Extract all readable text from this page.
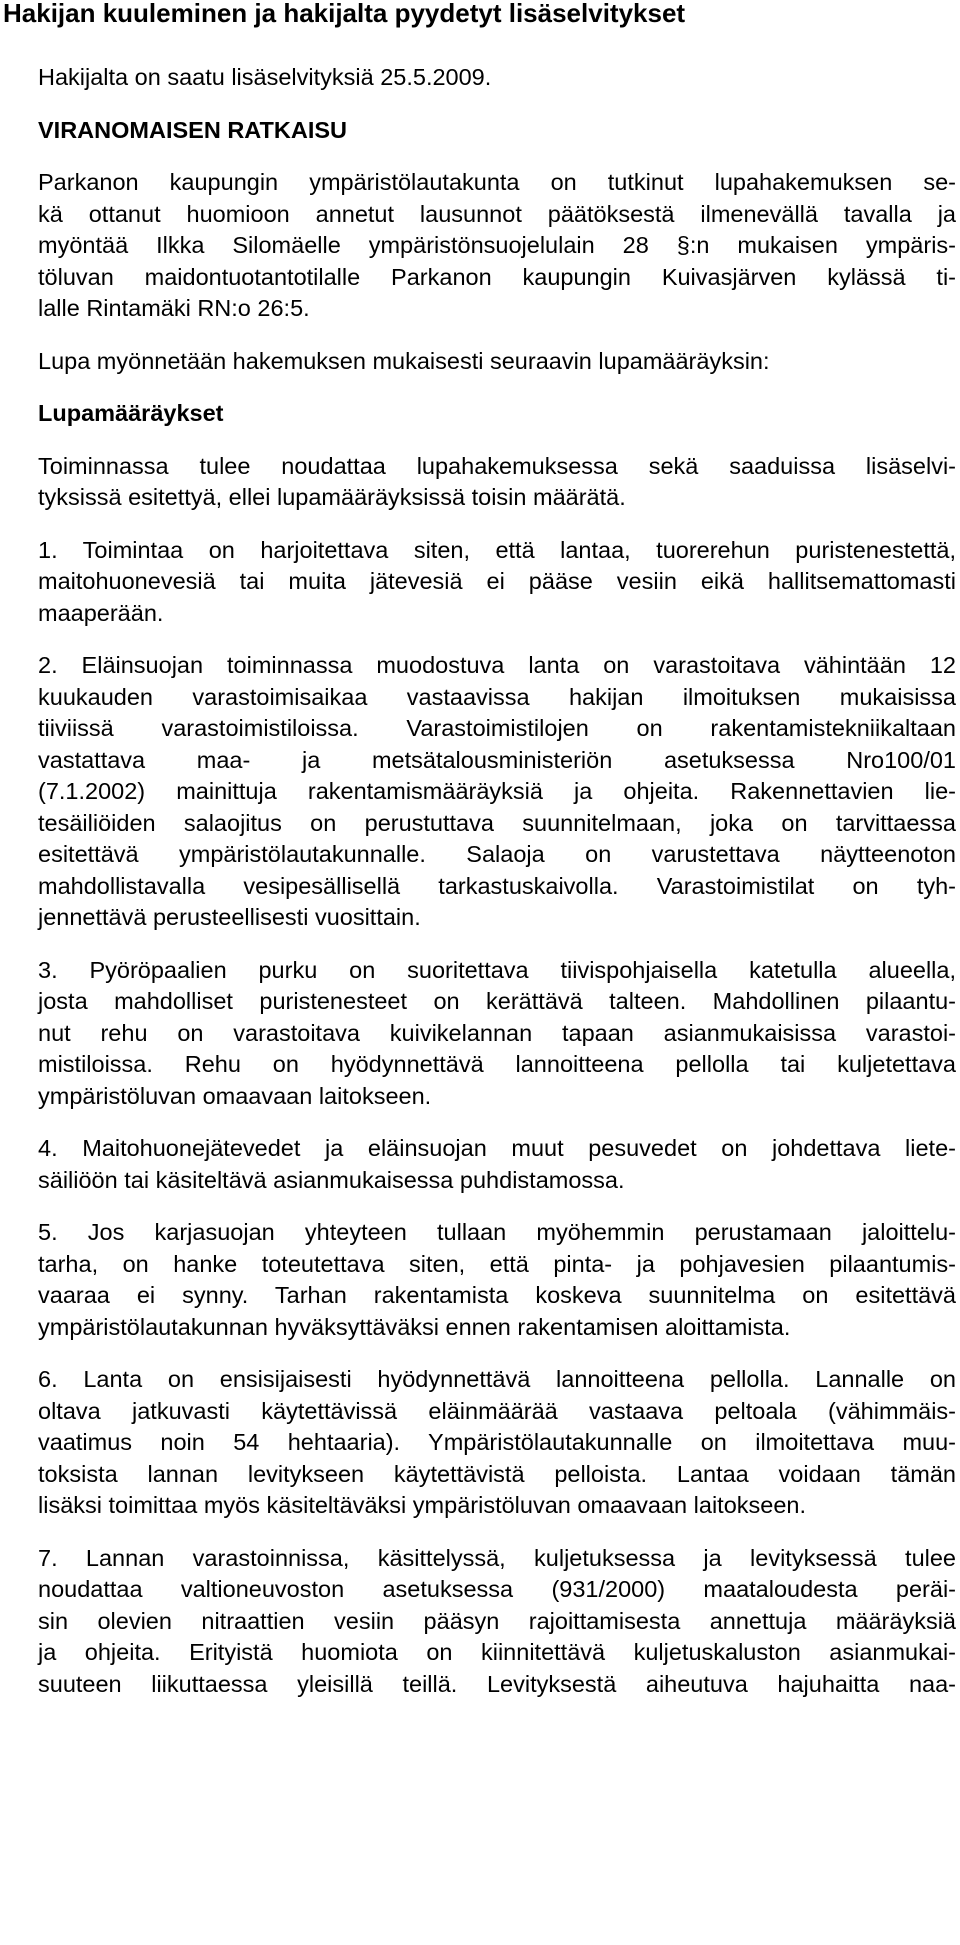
Hakijan kuuleminen ja hakijalta pyydetyt lisäselvitykset

Hakijalta on saatu lisäselvityksiä 25.5.2009.

VIRANOMAISEN RATKAISU

Parkanon kaupungin ympäristölautakunta on tutkinut lupahakemuksen se-
kä ottanut huomioon annetut lausunnot päätöksestä ilmenevällä tavalla ja
myöntää Ilkka Silomäelle ympäristönsuojelulain 28 §:n mukaisen ympäris-
töluvan maidontuotantotilalle Parkanon kaupungin Kuivasjärven kylässä ti-
lalle Rintamäki RN:o 26:5.

Lupa myönnetään hakemuksen mukaisesti seuraavin lupamääräyksin:

Lupamääräykset

Toiminnassa tulee noudattaa lupahakemuksessa sekä saaduissa lisäselvi-
tyksissä esitettyä, ellei lupamääräyksissä toisin määrätä.

1. Toimintaa on harjoitettava siten, että lantaa, tuorerehun puristenestettä,
maitohuonevesiä tai muita jätevesiä ei pääse vesiin eikä hallitsemattomasti
maaperään.

2. Eläinsuojan toiminnassa muodostuva lanta on varastoitava vähintään 12
kuukauden varastoimisaikaa vastaavissa hakijan ilmoituksen mukaisissa
tiiviissä varastoimistiloissa. Varastoimistilojen on rakentamistekniikaltaan
vastattava maa- ja metsätalousministeriön asetuksessa Nro100/01
(7.1.2002) mainittuja rakentamismääräyksiä ja ohjeita. Rakennettavien lie-
tesäiliöiden salaojitus on perustuttava suunnitelmaan, joka on tarvittaessa
esitettävä ympäristölautakunnalle. Salaoja on varustettava näytteenoton
mahdollistavalla vesipesällisellä tarkastuskaivolla. Varastoimistilat on tyh-
jennettävä perusteellisesti vuosittain.

3. Pyöröpaalien purku on suoritettava tiivispohjaisella katetulla alueella,
josta mahdolliset puristenesteet on kerättävä talteen. Mahdollinen pilaantu-
nut rehu on varastoitava kuivikelannan tapaan asianmukaisissa varastoi-
mistiloissa. Rehu on hyödynnettävä lannoitteena pellolla tai kuljetettava
ympäristöluvan omaavaan laitokseen.

4. Maitohuonejätevedet ja eläinsuojan muut pesuvedet on johdettava liete-
säiliöön tai käsiteltävä asianmukaisessa puhdistamossa.

5. Jos karjasuojan yhteyteen tullaan myöhemmin perustamaan jaloittelu-
tarha, on hanke toteutettava siten, että pinta- ja pohjavesien pilaantumis-
vaaraa ei synny. Tarhan rakentamista koskeva suunnitelma on esitettävä
ympäristölautakunnan hyväksyttäväksi ennen rakentamisen aloittamista.

6. Lanta on ensisijaisesti hyödynnettävä lannoitteena pellolla. Lannalle on
oltava jatkuvasti käytettävissä eläinmäärää vastaava peltoala (vähimmäis-
vaatimus noin 54 hehtaaria). Ympäristölautakunnalle on ilmoitettava muu-
toksista lannan levitykseen käytettävistä pelloista. Lantaa voidaan tämän
lisäksi toimittaa myös käsiteltäväksi ympäristöluvan omaavaan laitokseen.

7. Lannan varastoinnissa, käsittelyssä, kuljetuksessa ja levityksessä tulee
noudattaa valtioneuvoston asetuksessa (931/2000) maataloudesta peräi-
sin olevien nitraattien vesiin pääsyn rajoittamisesta annettuja määräyksiä
ja ohjeita. Erityistä huomiota on kiinnitettävä kuljetuskaluston asianmukai-
suuteen liikuttaessa yleisillä teillä. Levityksestä aiheutuva hajuhaitta naa-
